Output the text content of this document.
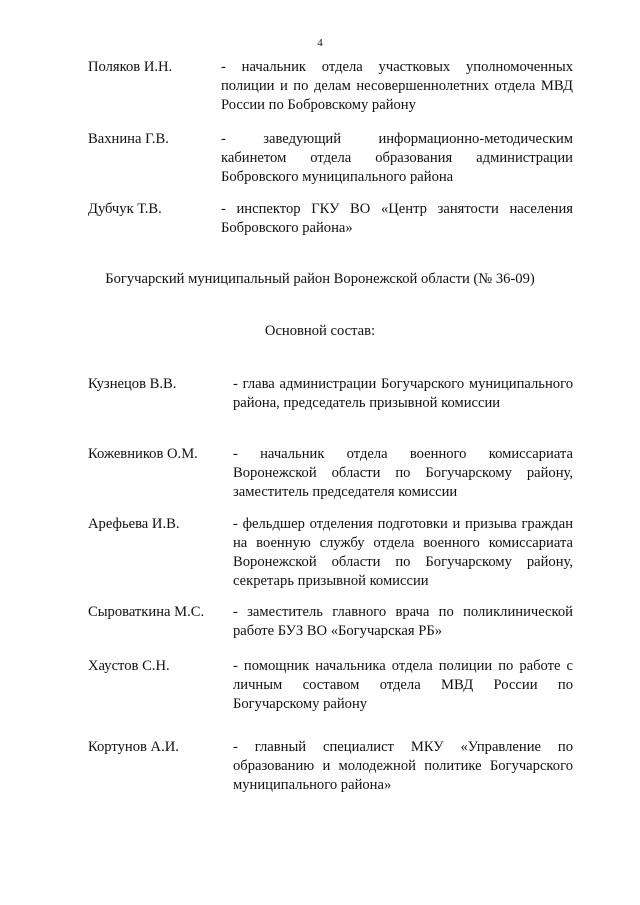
4
Поляков И.Н.	- начальник отдела участковых уполномоченных полиции и по делам несовершеннолетних отдела МВД России по Бобровскому району
Вахнина Г.В.	- заведующий информационно-методическим кабинетом отдела образования администрации Бобровского муниципального района
Дубчук Т.В.	- инспектор ГКУ ВО «Центр занятости населения Бобровского района»
Богучарский муниципальный район Воронежской области (№ 36-09)
Основной состав:
Кузнецов В.В.	- глава администрации Богучарского муниципального района, председатель призывной комиссии
Кожевников О.М. - начальник отдела военного комиссариата Воронежской области по Богучарскому району, заместитель председателя комиссии
Арефьева И.В.	- фельдшер отделения подготовки и призыва граждан на военную службу отдела военного комиссариата Воронежской области по Богучарскому району, секретарь призывной комиссии
Сыроваткина М.С. - заместитель главного врача по поликлинической работе БУЗ ВО «Богучарская РБ»
Хаустов С.Н.	- помощник начальника отдела полиции по работе с личным составом отдела МВД России по Богучарскому району
Кортунов А.И.	- главный специалист МКУ «Управление по образованию и молодежной политике Богучарского муниципального района»
